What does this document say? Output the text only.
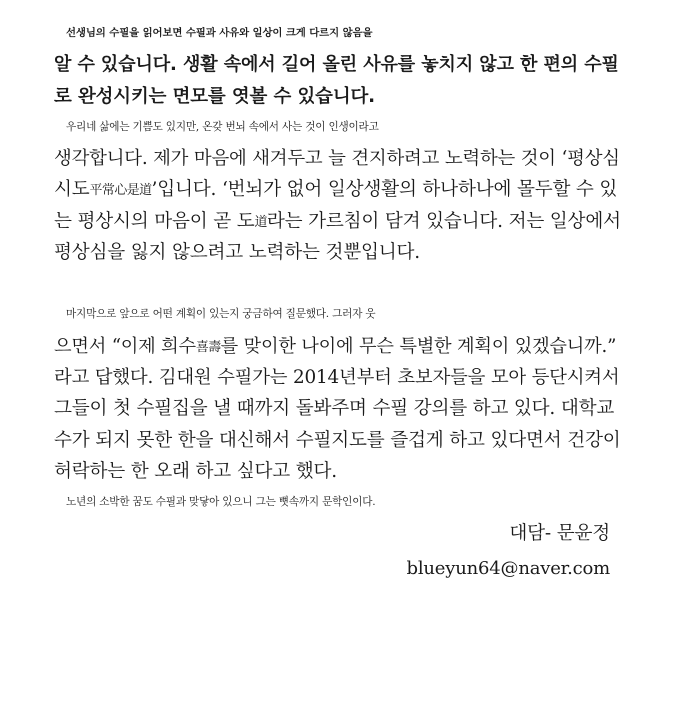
선생님의 수필을 읽어보면 수필과 사유와 일상이 크게 다르지 않음을
알 수 있습니다. 생활 속에서 길어 올린 사유를 놓치지 않고 한 편의 수필
로 완성시키는 면모를 엿볼 수 있습니다.
우리네 삶에는 기쁨도 있지만, 온갖 번뇌 속에서 사는 것이 인생이라고
생각합니다. 제가 마음에 새겨두고 늘 견지하려고 노력하는 것이 ‘평상심
시도平常心是道’입니다. ‘번뇌가 없어 일상생활의 하나하나에 몰두할 수 있
는 평상시의 마음이 곧 도道라는 가르침이 담겨 있습니다. 저는 일상에서
평상심을 잃지 않으려고 노력하는 것뿐입니다.
마지막으로 앞으로 어떤 계획이 있는지 궁금하여 질문했다. 그러자 웃
으면서 “이제 희수喜壽를 맞이한 나이에 무슨 특별한 계획이 있겠습니까.”
라고 답했다. 김대원 수필가는 2014년부터 초보자들을 모아 등단시켜서
그들이 첫 수필집을 낼 때까지 돌봐주며 수필 강의를 하고 있다. 대학교
수가 되지 못한 한을 대신해서 수필지도를 즐겁게 하고 있다면서 건강이
허락하는 한 오래 하고 싶다고 했다.
노년의 소박한 꿈도 수필과 맞닿아 있으니 그는 뼛속까지 문학인이다.
대담- 문윤정
blueyun64@naver.com
